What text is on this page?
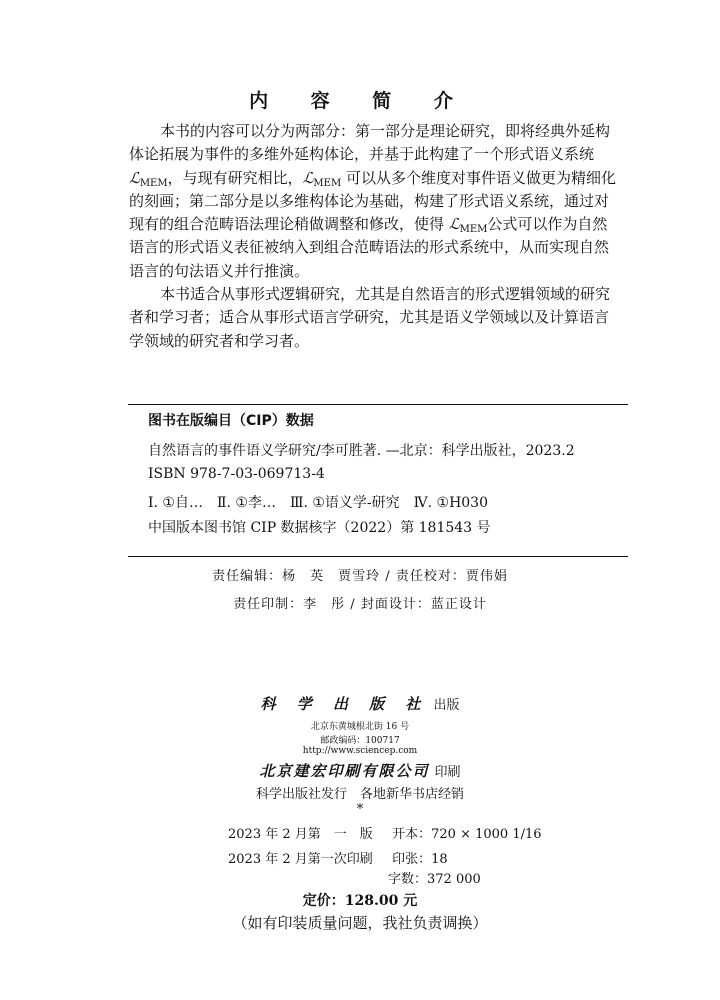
内 容 简 介
本书的内容可以分为两部分：第一部分是理论研究，即将经典外延构
体论拓展为事件的多维外延构体论，并基于此构建了一个形式语义系统
ℒ$_{MEM}$，与现有研究相比，ℒ$_{MEM}$ 可以从多个维度对事件语义做更为精细化
的刻画；第二部分是以多维构体论为基础，构建了形式语义系统，通过对
现有的组合范畴语法理论稍做调整和修改，使得 ℒ$_{MEM}$公式可以作为自然
语言的形式语义表征被纳入到组合范畴语法的形式系统中，从而实现自然
语言的句法语义并行推演。
本书适合从事形式逻辑研究，尤其是自然语言的形式逻辑领域的研究
者和学习者；适合从事形式语言学研究，尤其是语义学领域以及计算语言
学领域的研究者和学习者。
图书在版编目（CIP）数据
自然语言的事件语义学研究/李可胜著. —北京：科学出版社，2023.2
ISBN 978-7-03-069713-4
Ⅰ. ①自…　Ⅱ. ①李…　Ⅲ. ①语义学-研究　Ⅳ. ①H030
中国版本图书馆 CIP 数据核字（2022）第 181543 号
责任编辑：杨　英　贾雪玲 / 责任校对：贾伟娟
责任印制：李　彤 / 封面设计：蓝正设计
科 学 出 版 社 出版
北京东黄城根北街 16 号
邮政编码：100717
http://www.sciencep.com
北京建宏印刷有限公司 印刷
科学出版社发行　各地新华书店经销
*
2023 年 2 月第　一　版 开本：720 × 1000 1/16
2023 年 2 月第一次印刷 印张：18
字数：372 000
定价：128.00 元
（如有印装质量问题，我社负责调换）
